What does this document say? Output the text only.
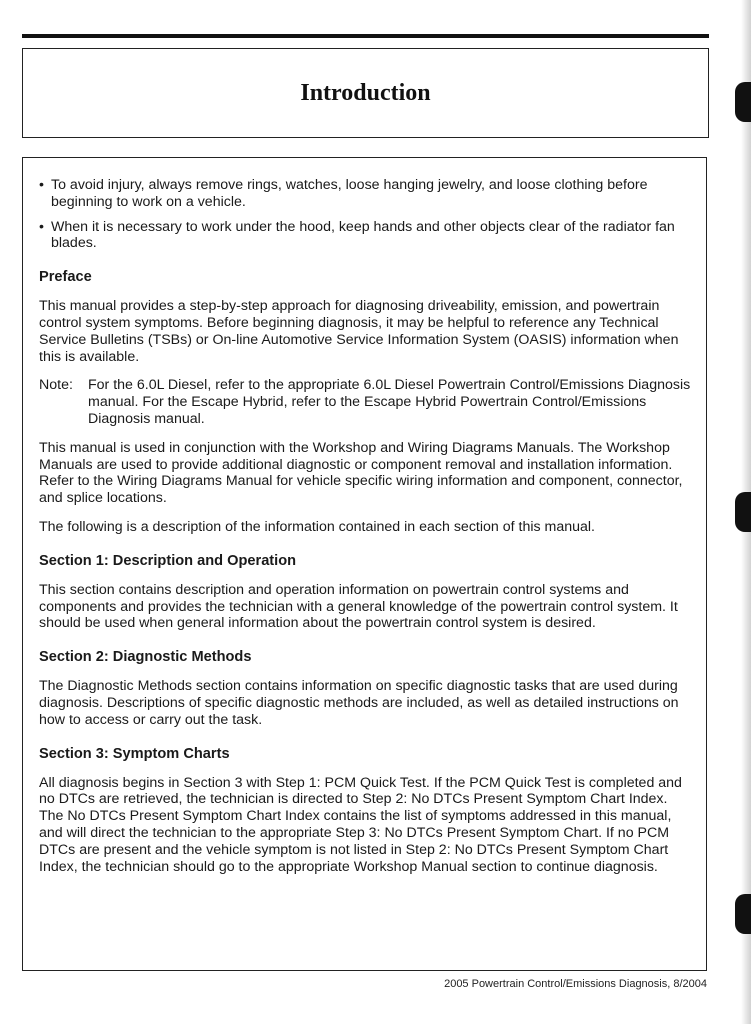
Introduction
• To avoid injury, always remove rings, watches, loose hanging jewelry, and loose clothing before beginning to work on a vehicle.
• When it is necessary to work under the hood, keep hands and other objects clear of the radiator fan blades.
Preface

This manual provides a step-by-step approach for diagnosing driveability, emission, and powertrain control system symptoms. Before beginning diagnosis, it may be helpful to reference any Technical Service Bulletins (TSBs) or On-line Automotive Service Information System (OASIS) information when this is available.

Note:	For the 6.0L Diesel, refer to the appropriate 6.0L Diesel Powertrain Control/Emissions Diagnosis manual. For the Escape Hybrid, refer to the Escape Hybrid Powertrain Control/Emissions Diagnosis manual.

This manual is used in conjunction with the Workshop and Wiring Diagrams Manuals. The Workshop Manuals are used to provide additional diagnostic or component removal and installation information. Refer to the Wiring Diagrams Manual for vehicle specific wiring information and component, connector, and splice locations.

The following is a description of the information contained in each section of this manual.

Section 1: Description and Operation

This section contains description and operation information on powertrain control systems and components and provides the technician with a general knowledge of the powertrain control system. It should be used when general information about the powertrain control system is desired.

Section 2: Diagnostic Methods

The Diagnostic Methods section contains information on specific diagnostic tasks that are used during diagnosis. Descriptions of specific diagnostic methods are included, as well as detailed instructions on how to access or carry out the task.

Section 3: Symptom Charts

All diagnosis begins in Section 3 with Step 1: PCM Quick Test. If the PCM Quick Test is completed and no DTCs are retrieved, the technician is directed to Step 2: No DTCs Present Symptom Chart Index. The No DTCs Present Symptom Chart Index contains the list of symptoms addressed in this manual, and will direct the technician to the appropriate Step 3: No DTCs Present Symptom Chart. If no PCM DTCs are present and the vehicle symptom is not listed in Step 2: No DTCs Present Symptom Chart Index, the technician should go to the appropriate Workshop Manual section to continue diagnosis.

2005 Powertrain Control/Emissions Diagnosis, 8/2004
